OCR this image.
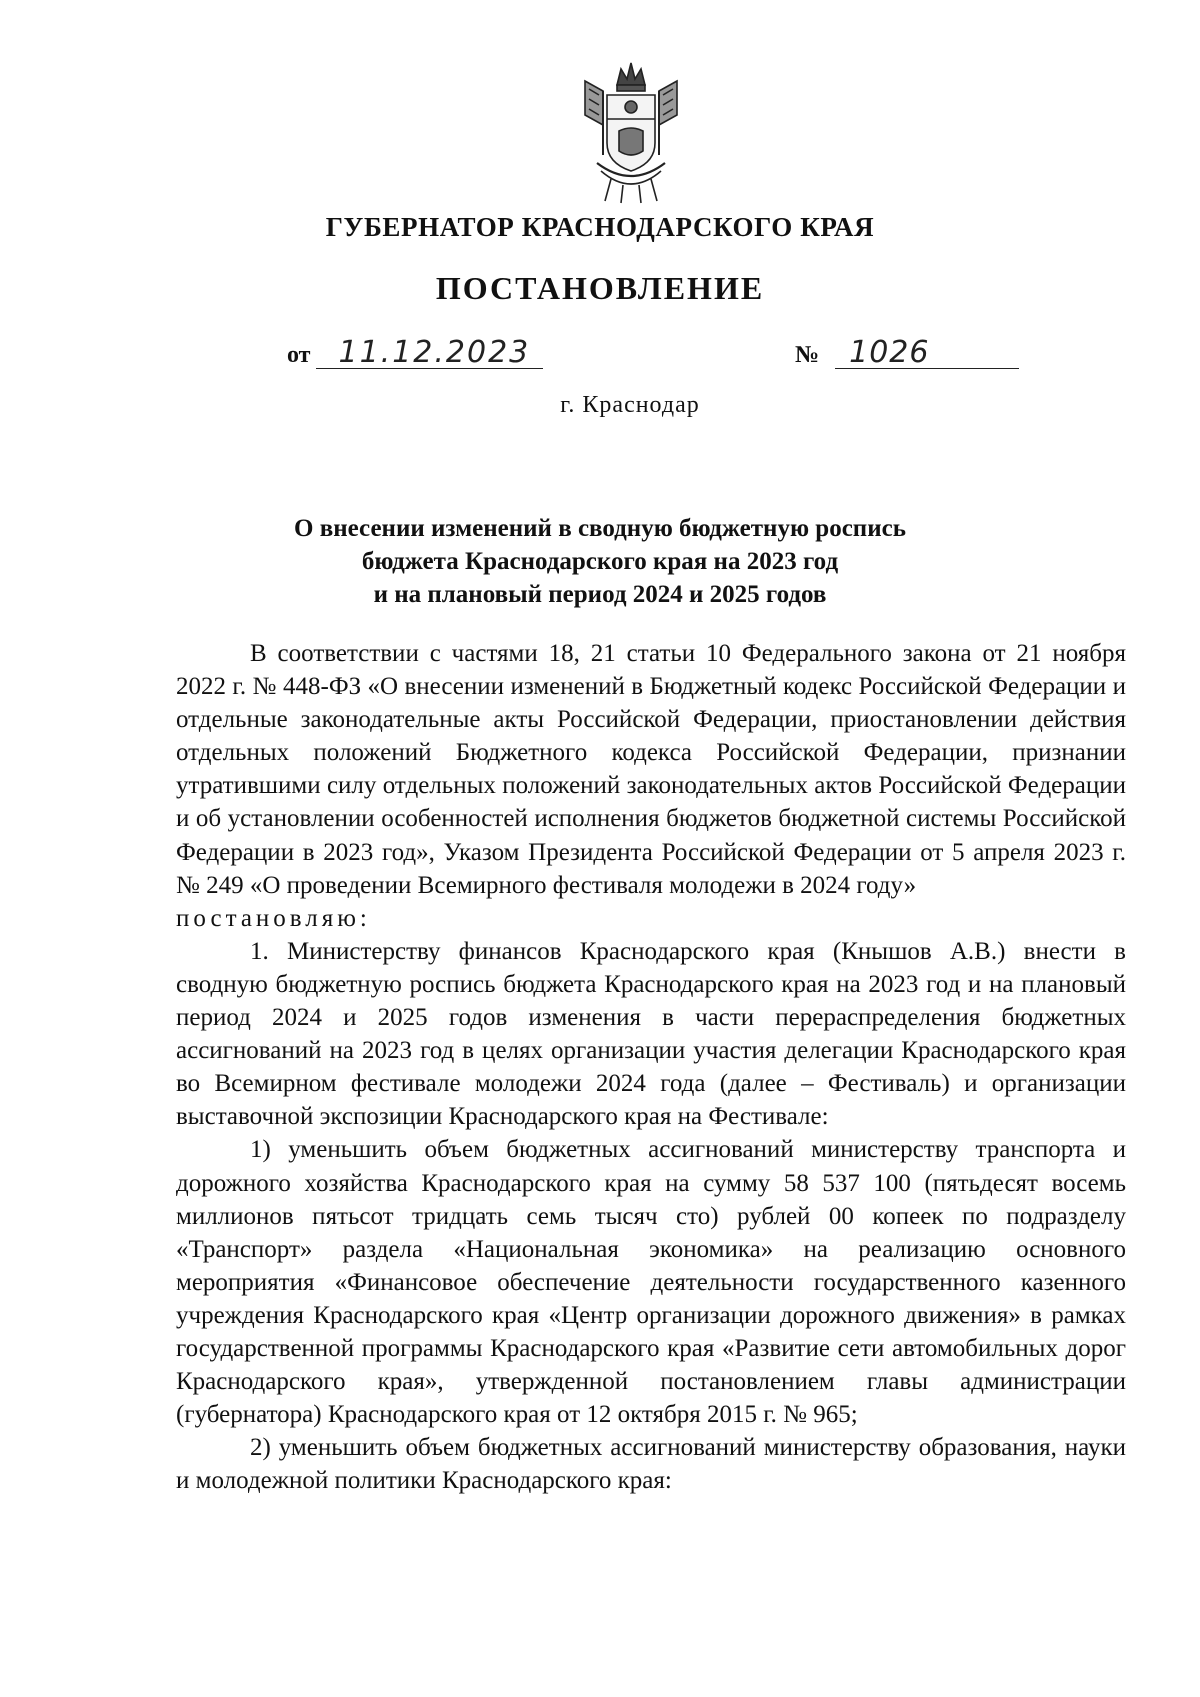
ГУБЕРНАТОР КРАСНОДАРСКОГО КРАЯ
ПОСТАНОВЛЕНИЕ
от 11.12.2023	№ 1026
г. Краснодар
О внесении изменений в сводную бюджетную роспись
бюджета Краснодарского края на 2023 год
и на плановый период 2024 и 2025 годов

В соответствии с частями 18, 21 статьи 10 Федерального закона от 21 ноября 2022 г. № 448-ФЗ «О внесении изменений в Бюджетный кодекс Российской Федерации и отдельные законодательные акты Российской Федерации, приостановлении действия отдельных положений Бюджетного кодекса Российской Федерации, признании утратившими силу отдельных положений законодательных актов Российской Федерации и об установлении особенностей исполнения бюджетов бюджетной системы Российской Федерации в 2023 год», Указом Президента Российской Федерации от 5 апреля 2023 г. № 249 «О проведении Всемирного фестиваля молодежи в 2024 году»

постановляю:

1. Министерству финансов Краснодарского края (Кнышов А.В.) внести в сводную бюджетную роспись бюджета Краснодарского края на 2023 год и на плановый период 2024 и 2025 годов изменения в части перераспределения бюджетных ассигнований на 2023 год в целях организации участия делегации Краснодарского края во Всемирном фестивале молодежи 2024 года (далее – Фестиваль) и организации выставочной экспозиции Краснодарского края на Фестивале:

1) уменьшить объем бюджетных ассигнований министерству транспорта и дорожного хозяйства Краснодарского края на сумму 58 537 100 (пятьдесят восемь миллионов пятьсот тридцать семь тысяч сто) рублей 00 копеек по подразделу «Транспорт» раздела «Национальная экономика» на реализацию основного мероприятия «Финансовое обеспечение деятельности государственного казенного учреждения Краснодарского края «Центр организации дорожного движения» в рамках государственной программы Краснодарского края «Развитие сети автомобильных дорог Краснодарского края», утвержденной постановлением главы администрации (губернатора) Краснодарского края от 12 октября 2015 г. № 965;

2) уменьшить объем бюджетных ассигнований министерству образования, науки и молодежной политики Краснодарского края:
